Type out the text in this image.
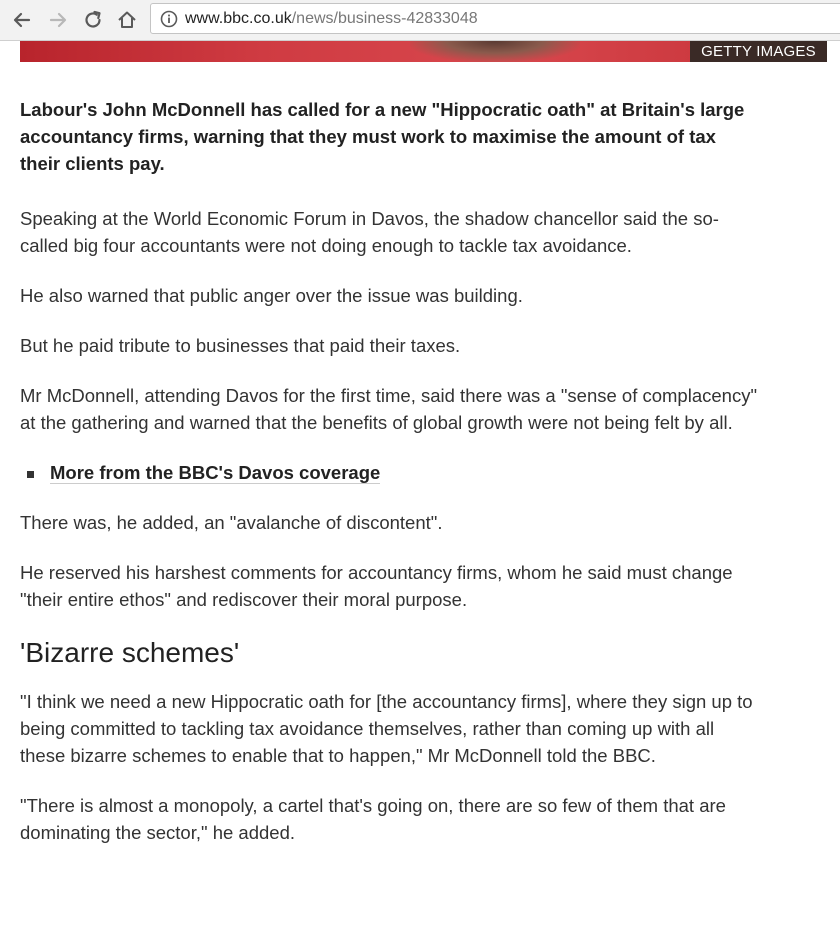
www.bbc.co.uk/news/business-42833048
GETTY IMAGES

Labour's John McDonnell has called for a new "Hippocratic oath" at Britain's large accountancy firms, warning that they must work to maximise the amount of tax their clients pay.

Speaking at the World Economic Forum in Davos, the shadow chancellor said the so-called big four accountants were not doing enough to tackle tax avoidance.

He also warned that public anger over the issue was building.

But he paid tribute to businesses that paid their taxes.

Mr McDonnell, attending Davos for the first time, said there was a "sense of complacency" at the gathering and warned that the benefits of global growth were not being felt by all.

More from the BBC's Davos coverage

There was, he added, an "avalanche of discontent".

He reserved his harshest comments for accountancy firms, whom he said must change "their entire ethos" and rediscover their moral purpose.

'Bizarre schemes'

"I think we need a new Hippocratic oath for [the accountancy firms], where they sign up to being committed to tackling tax avoidance themselves, rather than coming up with all these bizarre schemes to enable that to happen," Mr McDonnell told the BBC.

"There is almost a monopoly, a cartel that's going on, there are so few of them that are dominating the sector," he added.
